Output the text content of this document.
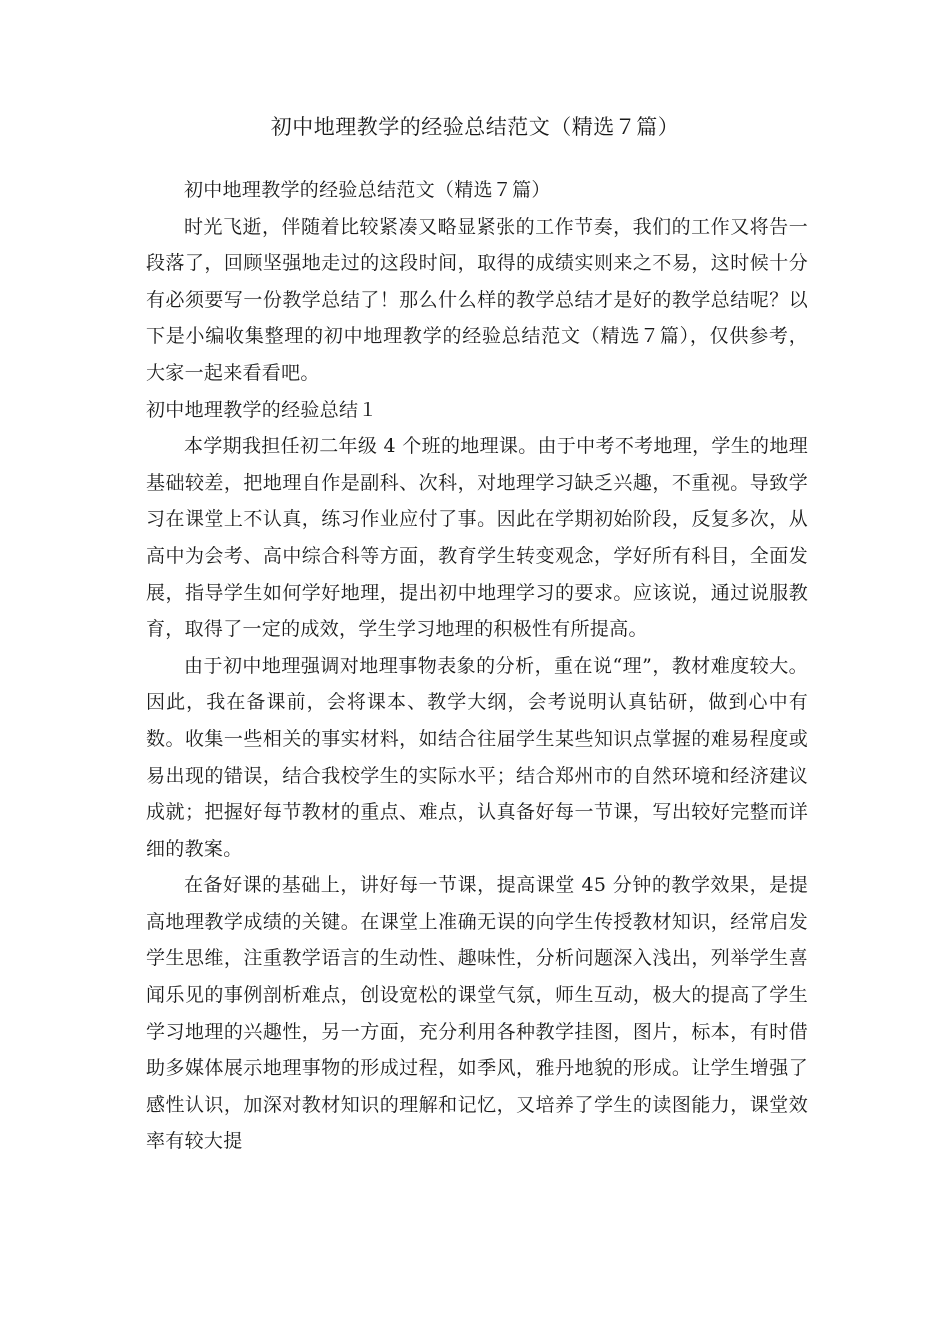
初中地理教学的经验总结范文（精选７篇）

初中地理教学的经验总结范文（精选７篇）

时光飞逝，伴随着比较紧凑又略显紧张的工作节奏，我们的工作又将告一段落了，回顾坚强地走过的这段时间，取得的成绩实则来之不易，这时候十分有必须要写一份教学总结了！那么什么样的教学总结才是好的教学总结呢？以下是小编收集整理的初中地理教学的经验总结范文（精选７篇），仅供参考，大家一起来看看吧。

初中地理教学的经验总结１

本学期我担任初二年级 4 个班的地理课。由于中考不考地理，学生的地理基础较差，把地理自作是副科、次科，对地理学习缺乏兴趣，不重视。导致学习在课堂上不认真，练习作业应付了事。因此在学期初始阶段，反复多次，从高中为会考、高中综合科等方面，教育学生转变观念，学好所有科目，全面发展，指导学生如何学好地理，提出初中地理学习的要求。应该说，通过说服教育，取得了一定的成效，学生学习地理的积极性有所提高。

由于初中地理强调对地理事物表象的分析，重在说“理”，教材难度较大。因此，我在备课前，会将课本、教学大纲，会考说明认真钻研，做到心中有数。收集一些相关的事实材料，如结合往届学生某些知识点掌握的难易程度或易出现的错误，结合我校学生的实际水平；结合郑州市的自然环境和经济建议成就；把握好每节教材的重点、难点，认真备好每一节课，写出较好完整而详细的教案。

在备好课的基础上，讲好每一节课，提高课堂 45 分钟的教学效果，是提高地理教学成绩的关键。在课堂上准确无误的向学生传授教材知识，经常启发学生思维，注重教学语言的生动性、趣味性，分析问题深入浅出，列举学生喜闻乐见的事例剖析难点，创设宽松的课堂气氛，师生互动，极大的提高了学生学习地理的兴趣性，另一方面，充分利用各种教学挂图，图片，标本，有时借助多媒体展示地理事物的形成过程，如季风，雅丹地貌的形成。让学生增强了感性认识，加深对教材知识的理解和记忆，又培养了学生的读图能力，课堂效率有较大提
